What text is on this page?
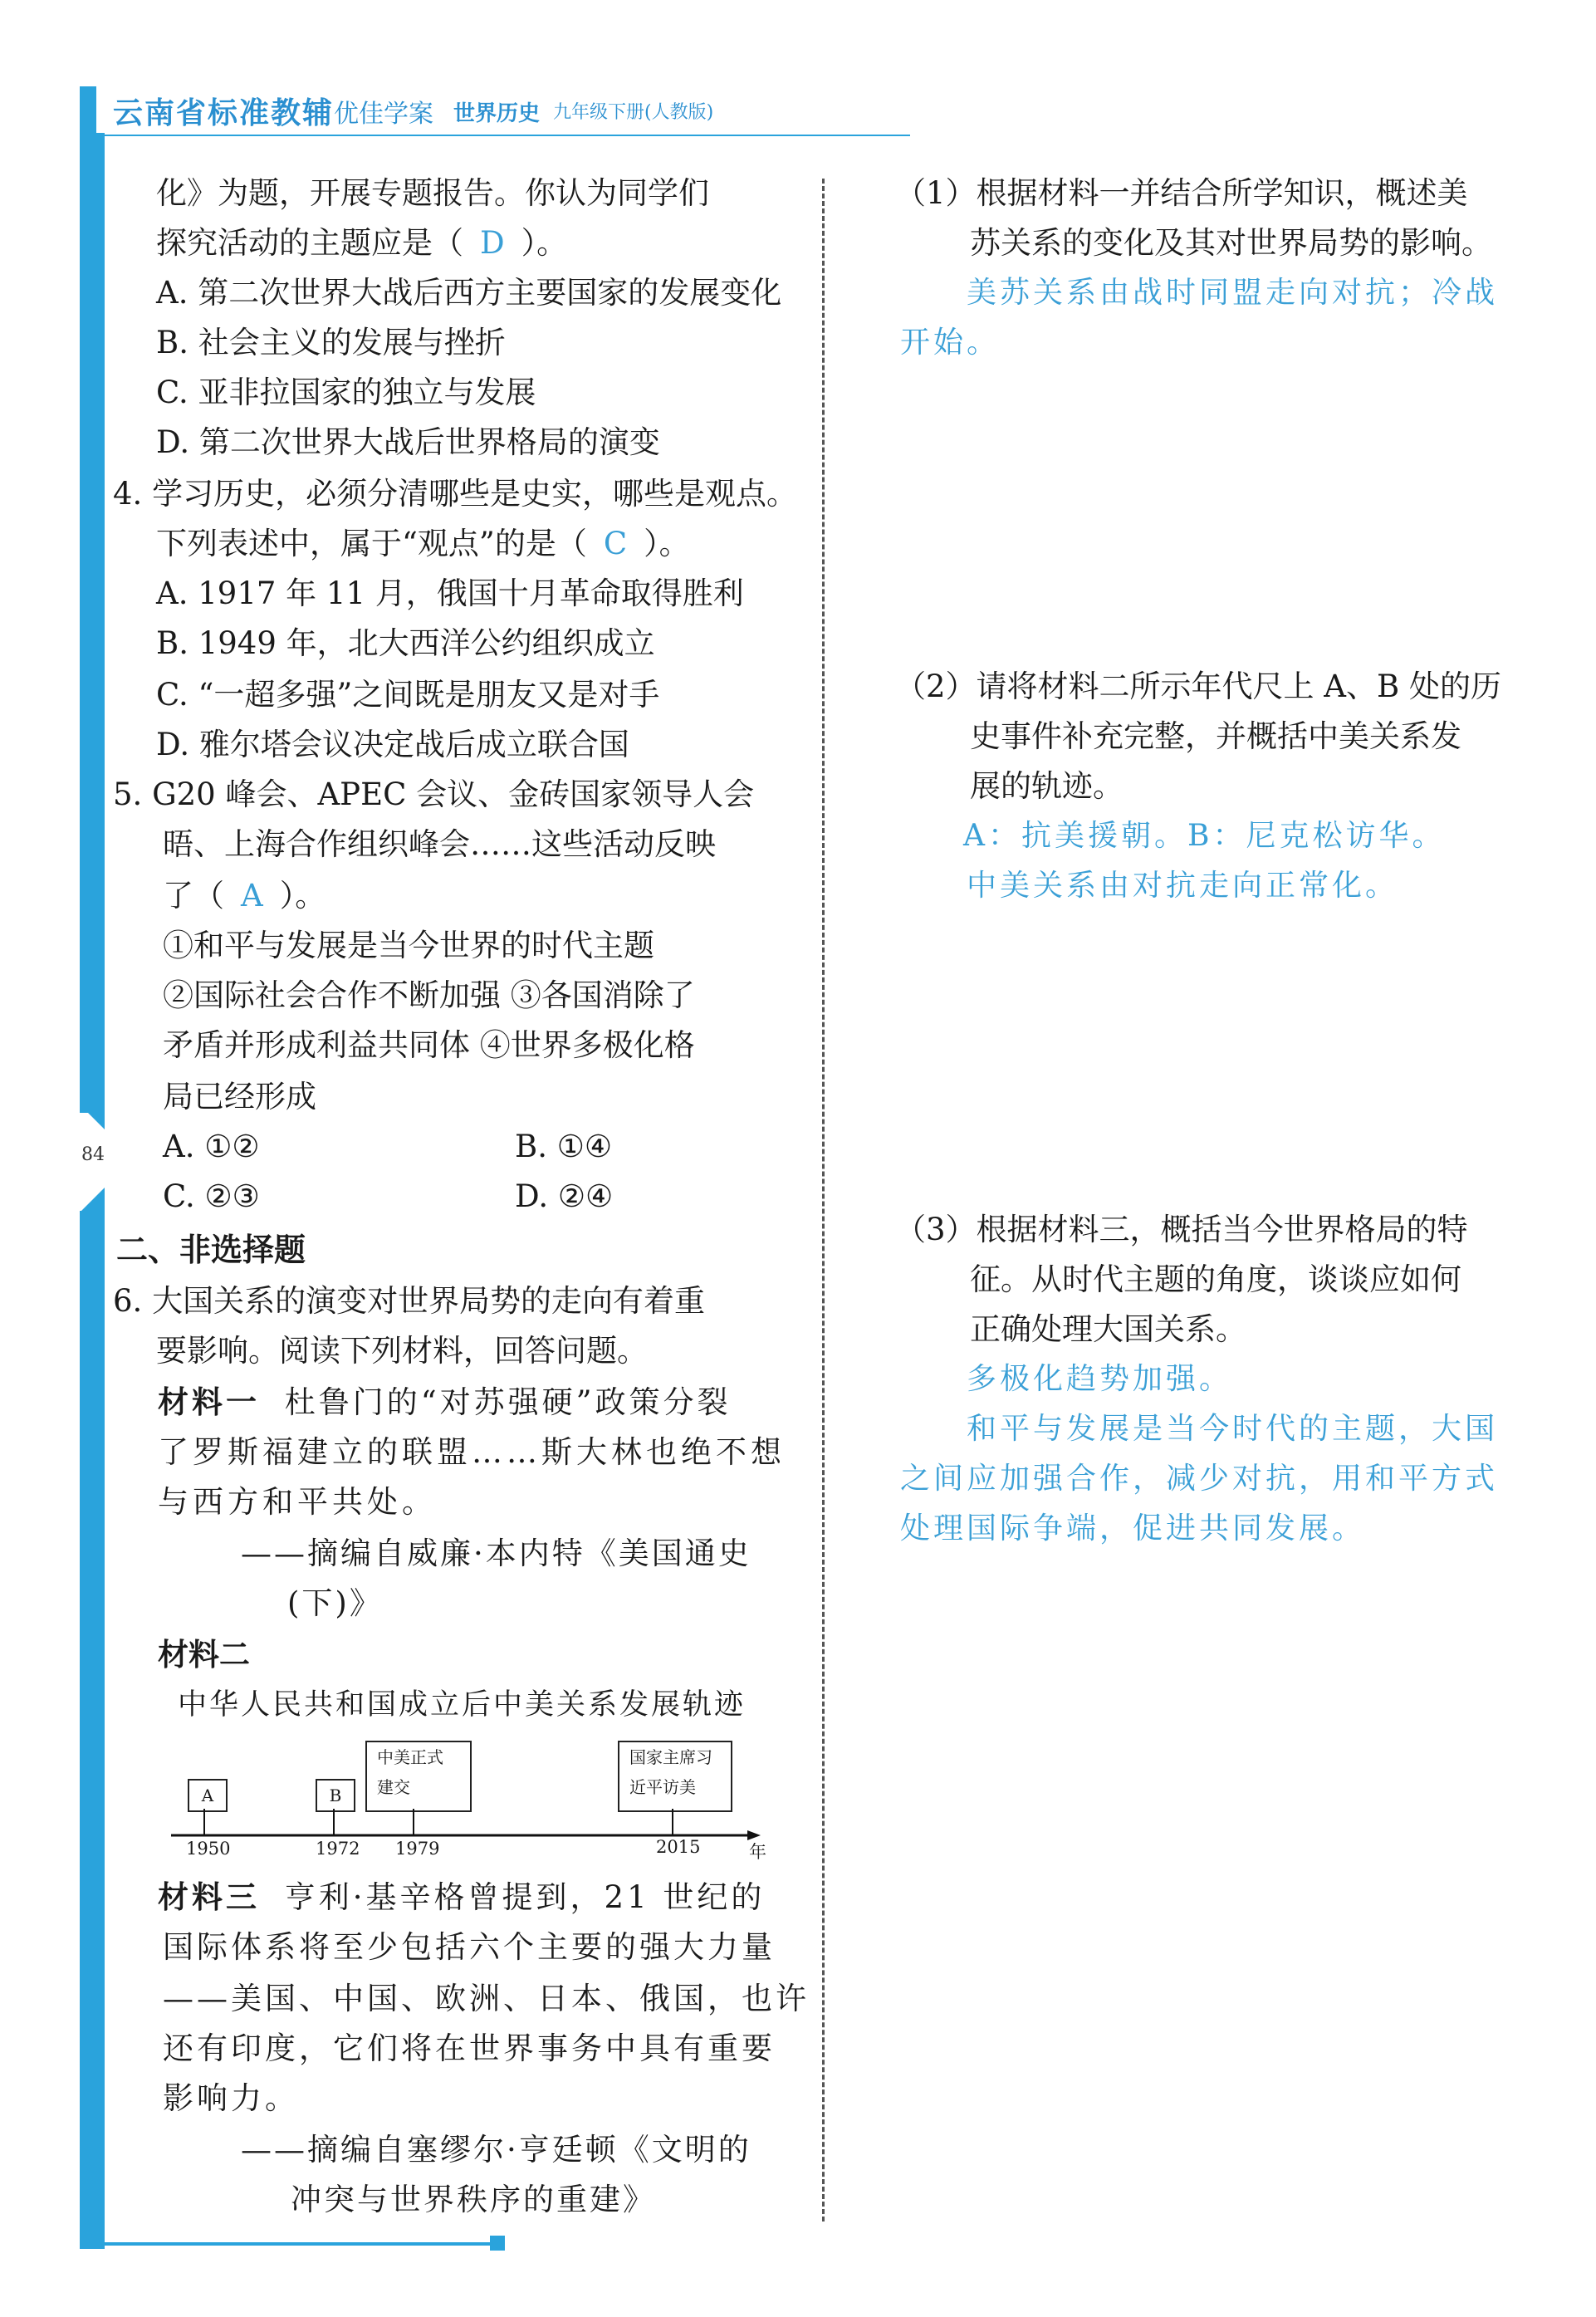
云南省标准教辅 优佳学案 世界历史 九年级下册(人教版)
84
化》为题，开展专题报告。你认为同学们
探究活动的主题应是（ D ）。
A. 第二次世界大战后西方主要国家的发展变化
B. 社会主义的发展与挫折
C. 亚非拉国家的独立与发展
D. 第二次世界大战后世界格局的演变
4. 学习历史，必须分清哪些是史实，哪些是观点。
下列表述中，属于“观点”的是（ C ）。
A. 1917 年 11 月，俄国十月革命取得胜利
B. 1949 年，北大西洋公约组织成立
C. “一超多强”之间既是朋友又是对手
D. 雅尔塔会议决定战后成立联合国
5. G20 峰会、APEC 会议、金砖国家领导人会
晤、上海合作组织峰会……这些活动反映
了（ A ）。
①和平与发展是当今世界的时代主题
②国际社会合作不断加强 ③各国消除了
矛盾并形成利益共同体 ④世界多极化格
局已经形成
A. ①②	B. ①④
C. ②③	D. ②④
二、非选择题
6. 大国关系的演变对世界局势的走向有着重
要影响。阅读下列材料，回答问题。
材料一 杜鲁门的“对苏强硬”政策分裂
了罗斯福建立的联盟……斯大林也绝不想
与西方和平共处。
——摘编自威廉·本内特《美国通史
(下)》
材料二
中华人民共和国成立后中美关系发展轨迹
A	B
中美正式
建交
国家主席习
近平访美
1950	1972 1979	2015	年
材料三 亨利·基辛格曾提到，21 世纪的
国际体系将至少包括六个主要的强大力量
——美国、中国、欧洲、日本、俄国，也许
还有印度，它们将在世界事务中具有重要
影响力。
——摘编自塞缪尔·亨廷顿《文明的
冲突与世界秩序的重建》
（1）根据材料一并结合所学知识，概述美
苏关系的变化及其对世界局势的影响。
美苏关系由战时同盟走向对抗；冷战
开始。
（2）请将材料二所示年代尺上 A、B 处的历
史事件补充完整，并概括中美关系发
展的轨迹。
A：抗美援朝。B：尼克松访华。
中美关系由对抗走向正常化。
（3）根据材料三，概括当今世界格局的特
征。从时代主题的角度，谈谈应如何
正确处理大国关系。
多极化趋势加强。
和平与发展是当今时代的主题，大国
之间应加强合作，减少对抗，用和平方式
处理国际争端，促进共同发展。
